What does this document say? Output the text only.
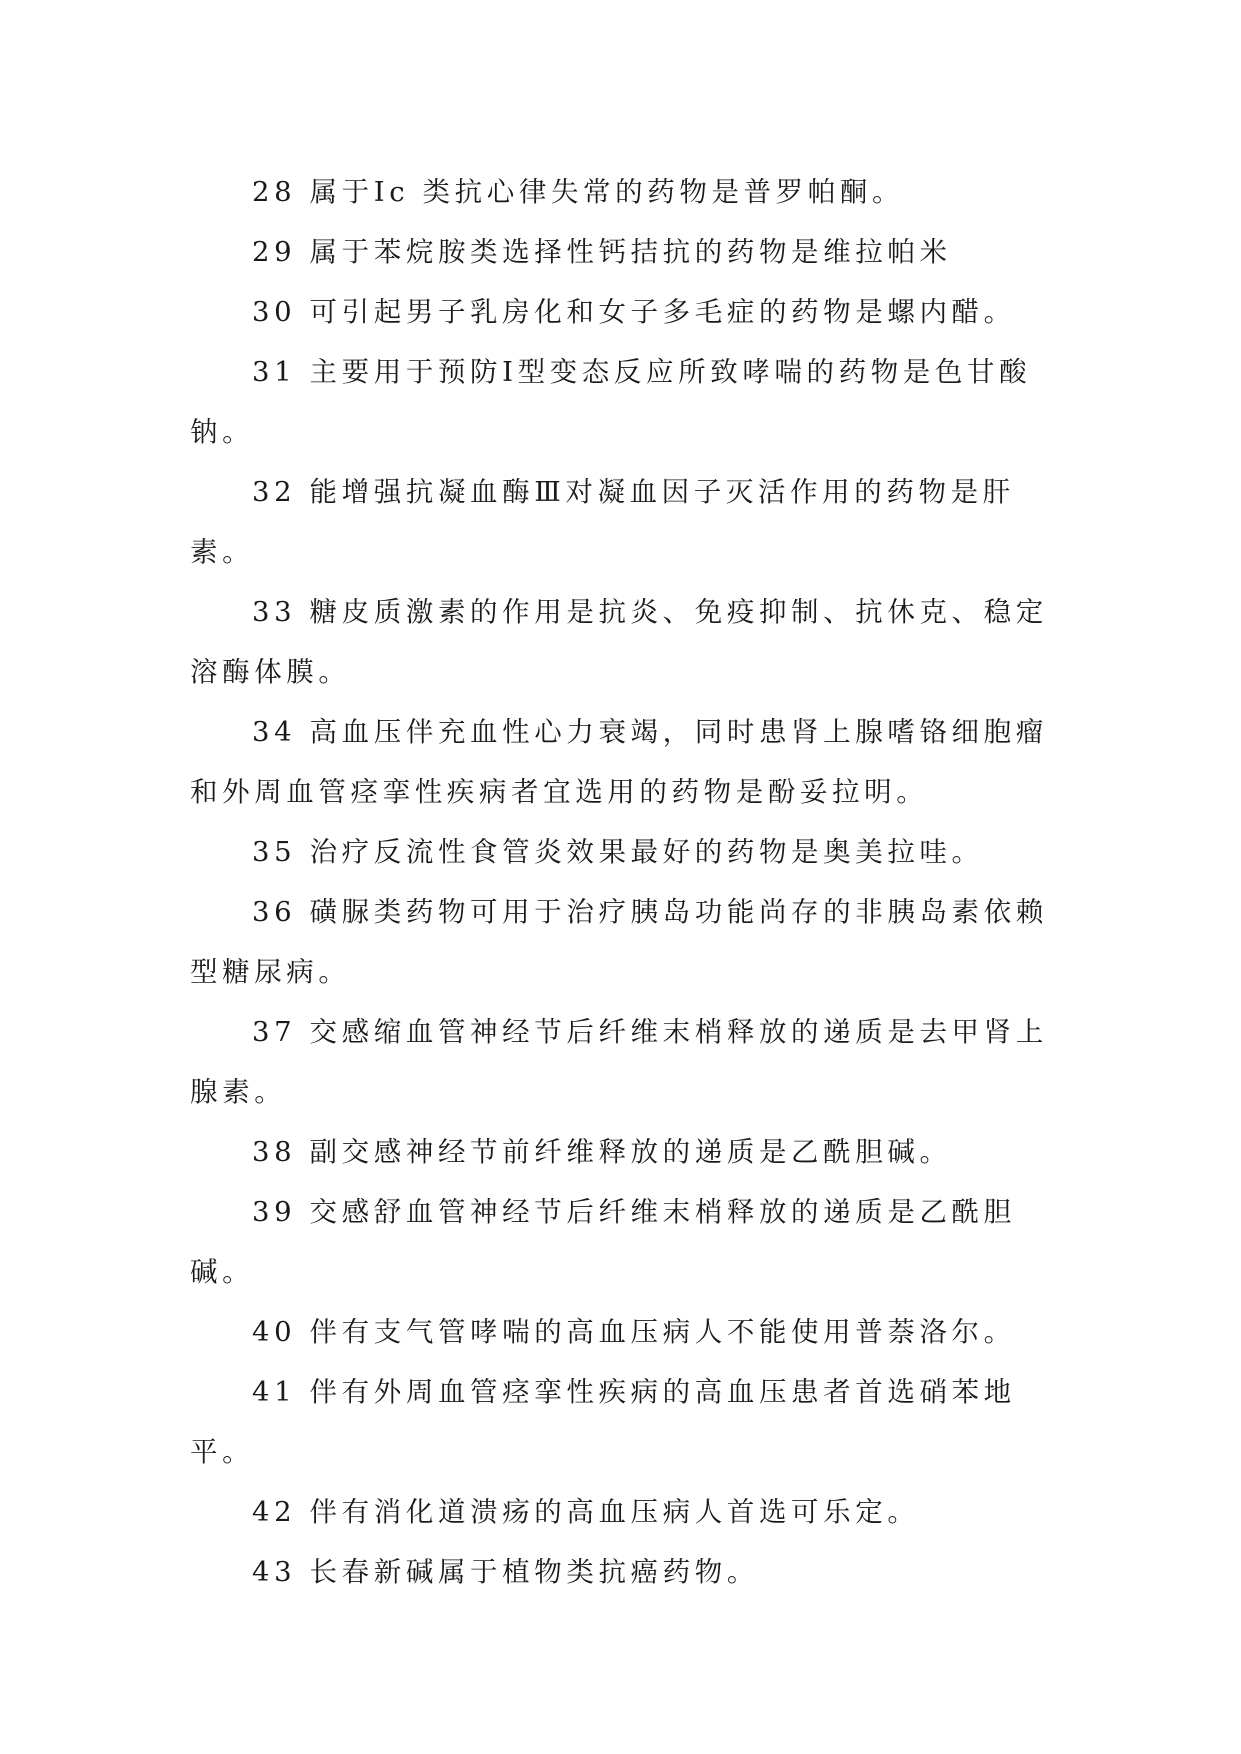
28 属于Ⅰc 类抗心律失常的药物是普罗帕酮。

29 属于苯烷胺类选择性钙拮抗的药物是维拉帕米

30 可引起男子乳房化和女子多毛症的药物是螺内醋。

31 主要用于预防Ⅰ型变态反应所致哮喘的药物是色甘酸钠。

32 能增强抗凝血酶Ⅲ对凝血因子灭活作用的药物是肝素。

33 糖皮质激素的作用是抗炎、免疫抑制、抗休克、稳定溶酶体膜。

34 高血压伴充血性心力衰竭，同时患肾上腺嗜铬细胞瘤和外周血管痉挛性疾病者宜选用的药物是酚妥拉明。

35 治疗反流性食管炎效果最好的药物是奥美拉哇。

36 磺脲类药物可用于治疗胰岛功能尚存的非胰岛素依赖型糖尿病。

37 交感缩血管神经节后纤维末梢释放的递质是去甲肾上腺素。

38 副交感神经节前纤维释放的递质是乙酰胆碱。

39 交感舒血管神经节后纤维末梢释放的递质是乙酰胆碱。

40 伴有支气管哮喘的高血压病人不能使用普萘洛尔。

41 伴有外周血管痉挛性疾病的高血压患者首选硝苯地平。

42 伴有消化道溃疡的高血压病人首选可乐定。

43 长春新碱属于植物类抗癌药物。
